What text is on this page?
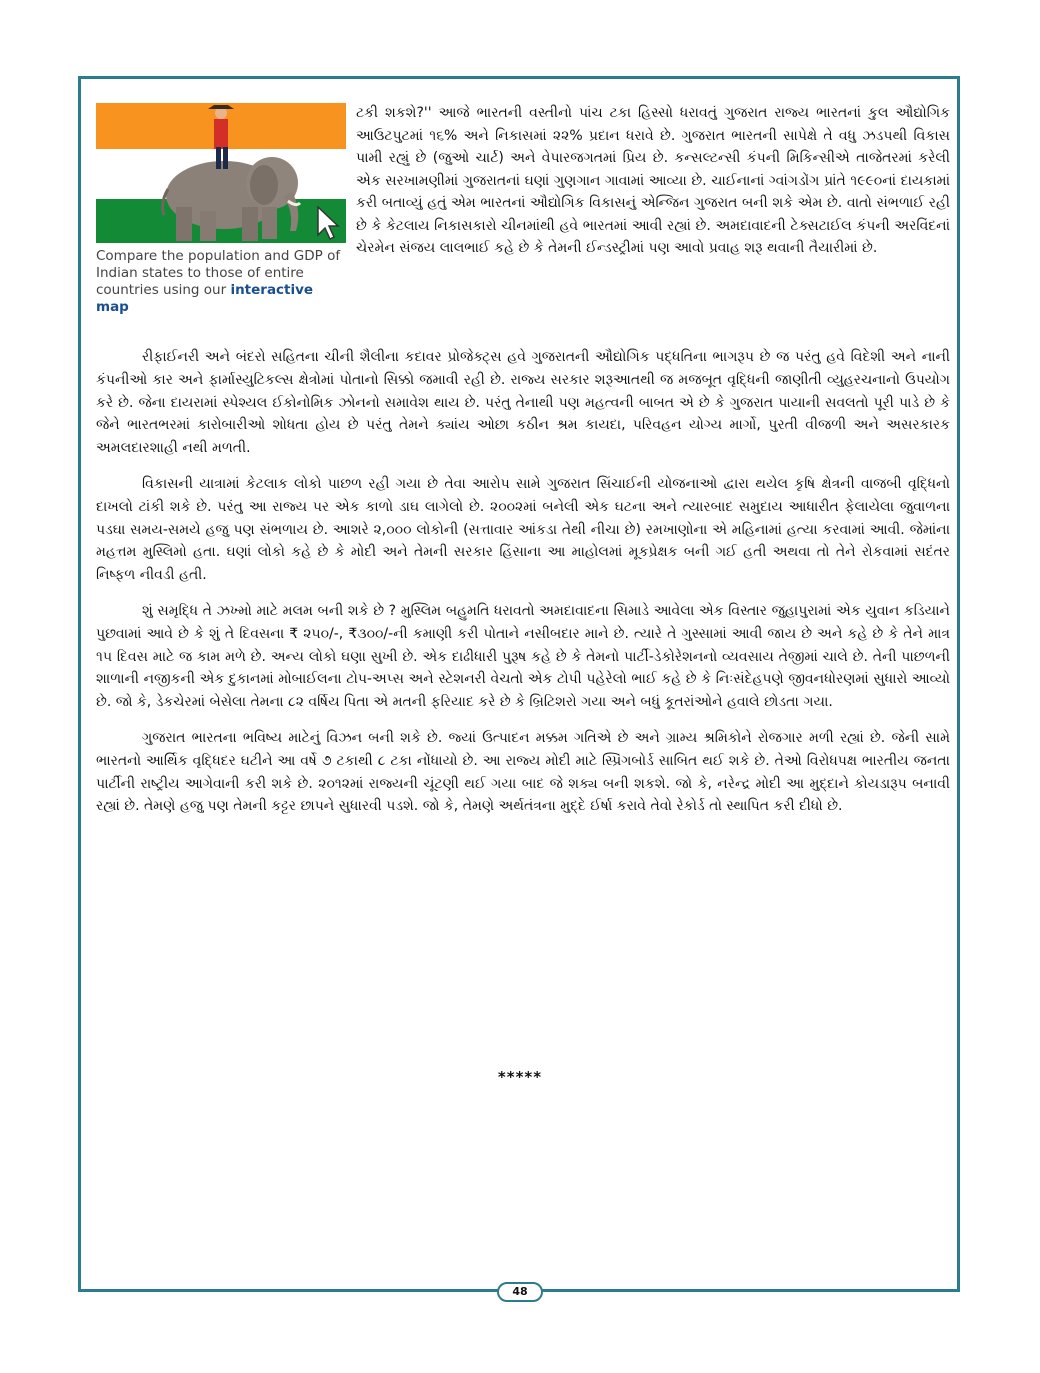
Compare the population and GDP of Indian states to those of entire countries using our interactive map
ટકી શકશે?'' આજે ભારતની વસ્તીનો પાંચ ટકા હિસ્સો ધરાવતું ગુજરાત રાજ્ય ભારતનાં કુલ ઔદ્યોગિક આઉટપુટમાં ૧૬% અને નિકાસમાં ૨૨% પ્રદાન ધરાવે છે. ગુજરાત ભારતની સાપેક્ષે તે વધુ ઝડપથી વિકાસ પામી રહ્યું છે (જુઓ ચાર્ટ) અને વેપારજગતમાં પ્રિય છે. કન્સલ્ટન્સી કંપની મિકિન્સીએ તાજેતરમાં કરેલી એક સરખામણીમાં ગુજરાતનાં ઘણાં ગુણગાન ગાવામાં આવ્યા છે. ચાઈનાનાં ગ્વાંગડોંગ પ્રાંતે ૧૯૯૦નાં દાયકામાં કરી બતાવ્યું હતું એમ ભારતનાં ઔદ્યોગિક વિકાસનું એન્જિન ગુજરાત બની શકે એમ છે. વાતો સંભળાઈ રહી છે કે કેટલાય નિકાસકારો ચીનમાંથી હવે ભારતમાં આવી રહ્યાં છે. અમદાવાદની ટેક્સટાઈલ કંપની અરવિંદનાં ચેરમેન સંજય લાલભાઈ કહે છે કે તેમની ઈન્ડસ્ટ્રીમાં પણ આવો પ્રવાહ શરૂ થવાની તૈયારીમાં છે.

રીફાઈનરી અને બંદરો સહિતના ચીની શૈલીના કદાવર પ્રોજેક્ટ્સ હવે ગુજરાતની ઔદ્યોગિક પદ્ધતિના ભાગરૂપ છે જ પરંતુ હવે વિદેશી અને નાની કંપનીઓ કાર અને ફાર્માસ્યુટિકલ્સ ક્ષેત્રોમાં પોતાનો સિક્કો જમાવી રહી છે. રાજ્ય સરકાર શરૂઆતથી જ મજબૂત વૃદ્ધિની જાણીતી વ્યુહરચનાનો ઉપયોગ કરે છે. જેના દાયરામાં સ્પેશ્યલ ઈકોનોમિક ઝોનનો સમાવેશ થાય છે. પરંતુ તેનાથી પણ મહત્વની બાબત એ છે કે ગુજરાત પાયાની સવલતો પૂરી પાડે છે કે જેને ભારતભરમાં કારોબારીઓ શોધતા હોય છે પરંતુ તેમને ક્યાંય ઓછા કઠીન શ્રમ કાયદા, પરિવહન યોગ્ય માર્ગો, પુરતી વીજળી અને અસરકારક અમલદારશાહી નથી મળતી.

વિકાસની યાત્રામાં કેટલાક લોકો પાછળ રહી ગયા છે તેવા આરોપ સામે ગુજરાત સિંચાઈની યોજનાઓ દ્વારા થયેલ કૃષિ ક્ષેત્રની વાજબી વૃદ્ધિનો દાખલો ટાંકી શકે છે. પરંતુ આ રાજ્ય પર એક કાળો ડાઘ લાગેલો છે. ૨૦૦૨માં બનેલી એક ઘટના અને ત્યારબાદ સમુદાય આધારીત ફેલાયેલા જુવાળના પડઘા સમય-સમયે હજુ પણ સંભળાય છે. આશરે ૨,૦૦૦ લોકોની (સત્તાવાર આંકડા તેથી નીચા છે) રમખાણોના એ મહિનામાં હત્યા કરવામાં આવી. જેમાંના મહત્તમ મુસ્લિમો હતા. ઘણાં લોકો કહે છે કે મોદી અને તેમની સરકાર હિંસાના આ માહોલમાં મૂકપ્રેક્ષક બની ગઈ હતી અથવા તો તેને રોકવામાં સદંતર નિષ્ફળ નીવડી હતી.

શું સમૃદ્ધિ તે ઝખ્મો માટે મલમ બની શકે છે ? મુસ્લિમ બહુમતિ ધરાવતો અમદાવાદના સિમાડે આવેલા એક વિસ્તાર જુહાપુરામાં એક યુવાન કડિયાને પુછવામાં આવે છે કે શું તે દિવસના ₹ ૨૫૦/-, ₹૩૦૦/-ની કમાણી કરી પોતાને નસીબદાર માને છે. ત્યારે તે ગુસ્સામાં આવી જાય છે અને કહે છે કે તેને માત્ર ૧૫ દિવસ માટે જ કામ મળે છે. અન્ય લોકો ઘણા સુખી છે. એક દાઢીધારી પુરૂષ કહે છે કે તેમનો પાર્ટી-ડેકોરેશનનો વ્યવસાય તેજીમાં ચાલે છે. તેની પાછળની શાળાની નજીકની એક દુકાનમાં મોબાઈલના ટોપ-અપ્સ અને સ્ટેશનરી વેચતો એક ટોપી પહેરેલો ભાઈ કહે છે કે નિઃસંદેહપણે જીવનધોરણમાં સુધારો આવ્યો છે. જો કે, ડેકચેરમાં બેસેલા તેમના ૮૨ વર્ષિય પિતા એ મતની ફરિયાદ કરે છે કે બ્રિટિશરો ગયા અને બધું કૂતરાંઓને હવાલે છોડતા ગયા.

ગુજરાત ભારતના ભવિષ્ય માટેનું વિઝન બની શકે છે. જ્યાં ઉત્પાદન મક્કમ ગતિએ છે અને ગ્રામ્ય શ્રમિકોને રોજગાર મળી રહ્યાં છે. જેની સામે ભારતનો આર્થિક વૃદ્ધિદર ઘટીને આ વર્ષે ૭ ટકાથી ૮ ટકા નોંધાયો છે. આ રાજ્ય મોદી માટે સ્પ્રિંગબોર્ડ સાબિત થઈ શકે છે. તેઓ વિરોધપક્ષ ભારતીય જનતા પાર્ટીની રાષ્ટ્રીય આગેવાની કરી શકે છે. ૨૦૧૨માં રાજ્યની ચૂંટણી થઈ ગયા બાદ જે શક્ય બની શકશે. જો કે, નરેન્દ્ર મોદી આ મુદ્દાને કોયડારૂપ બનાવી રહ્યાં છે. તેમણે હજુ પણ તેમની કટ્ટર છાપને સુધારવી પડશે. જો કે, તેમણે અર્થતંત્રના મુદ્દે ઈર્ષા કરાવે તેવો રેકોર્ડ તો સ્થાપિત કરી દીધો છે.

*****
48
